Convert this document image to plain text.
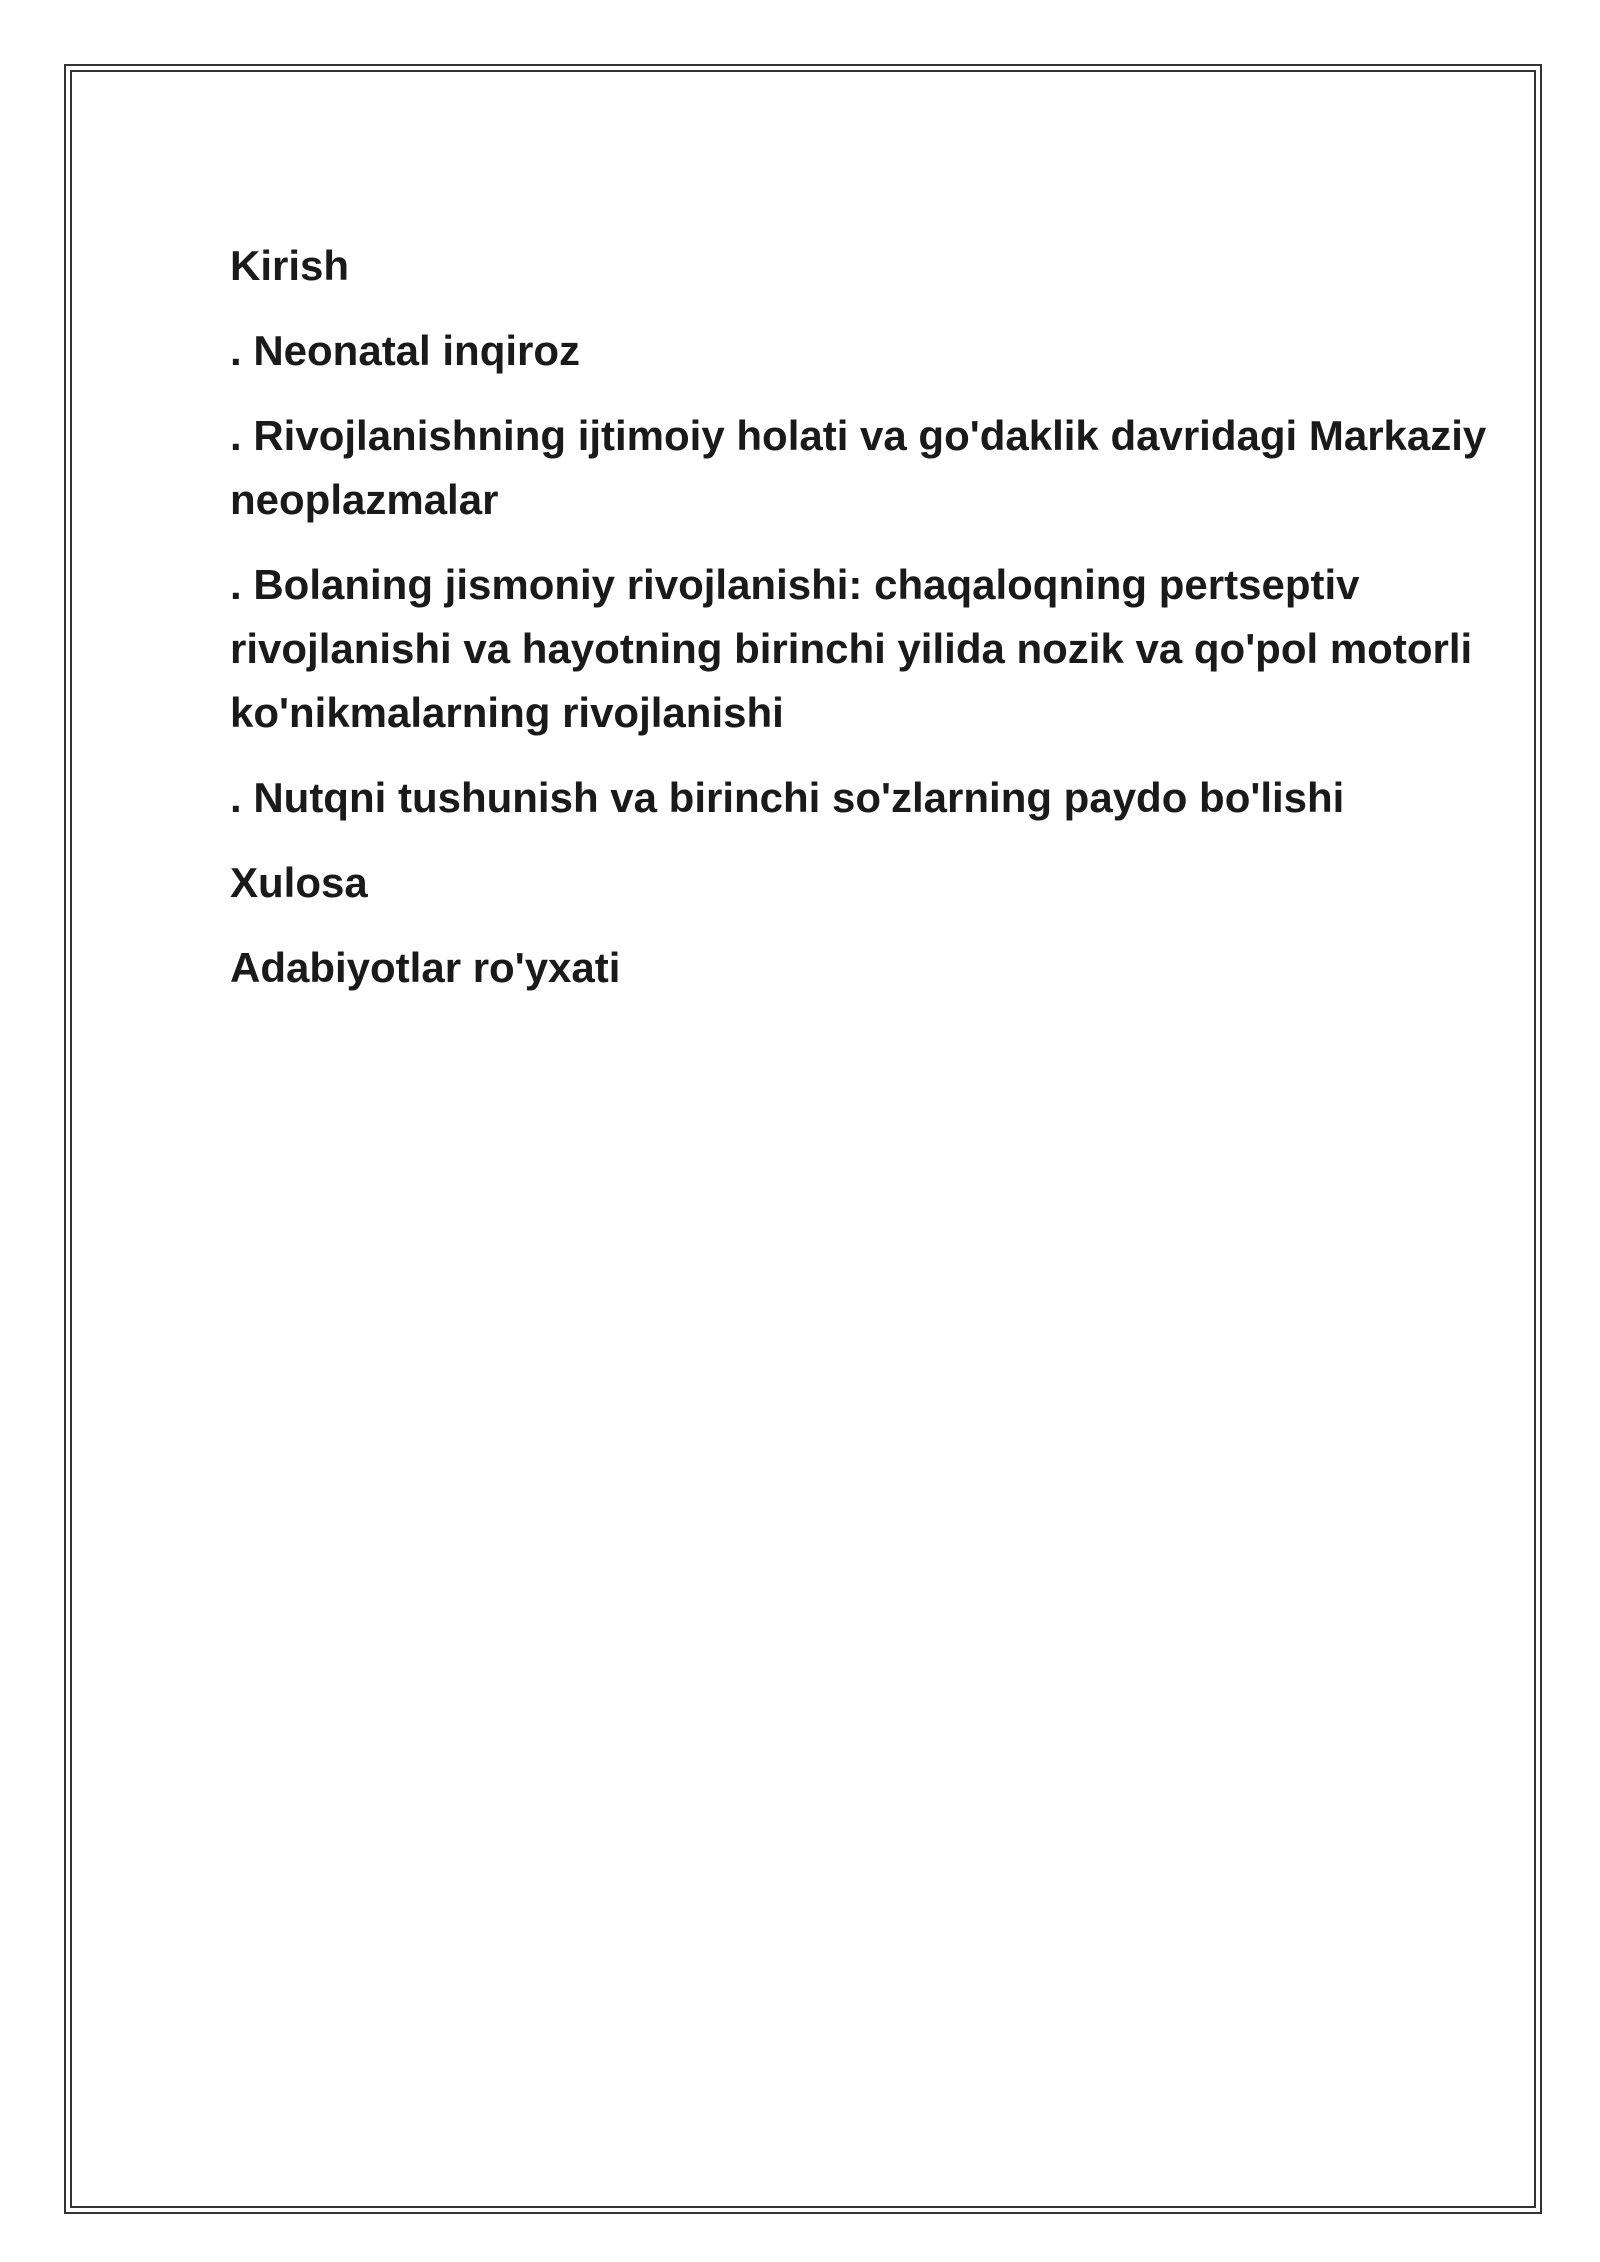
Kirish
. Neonatal inqiroz
. Rivojlanishning ijtimoiy holati va go'daklik davridagi Markaziy neoplazmalar
. Bolaning jismoniy rivojlanishi: chaqaloqning pertseptiv rivojlanishi va hayotning birinchi yilida nozik va qo'pol motorli ko'nikmalarning rivojlanishi
. Nutqni tushunish va birinchi so'zlarning paydo bo'lishi
Xulosa
Adabiyotlar ro'yxati
